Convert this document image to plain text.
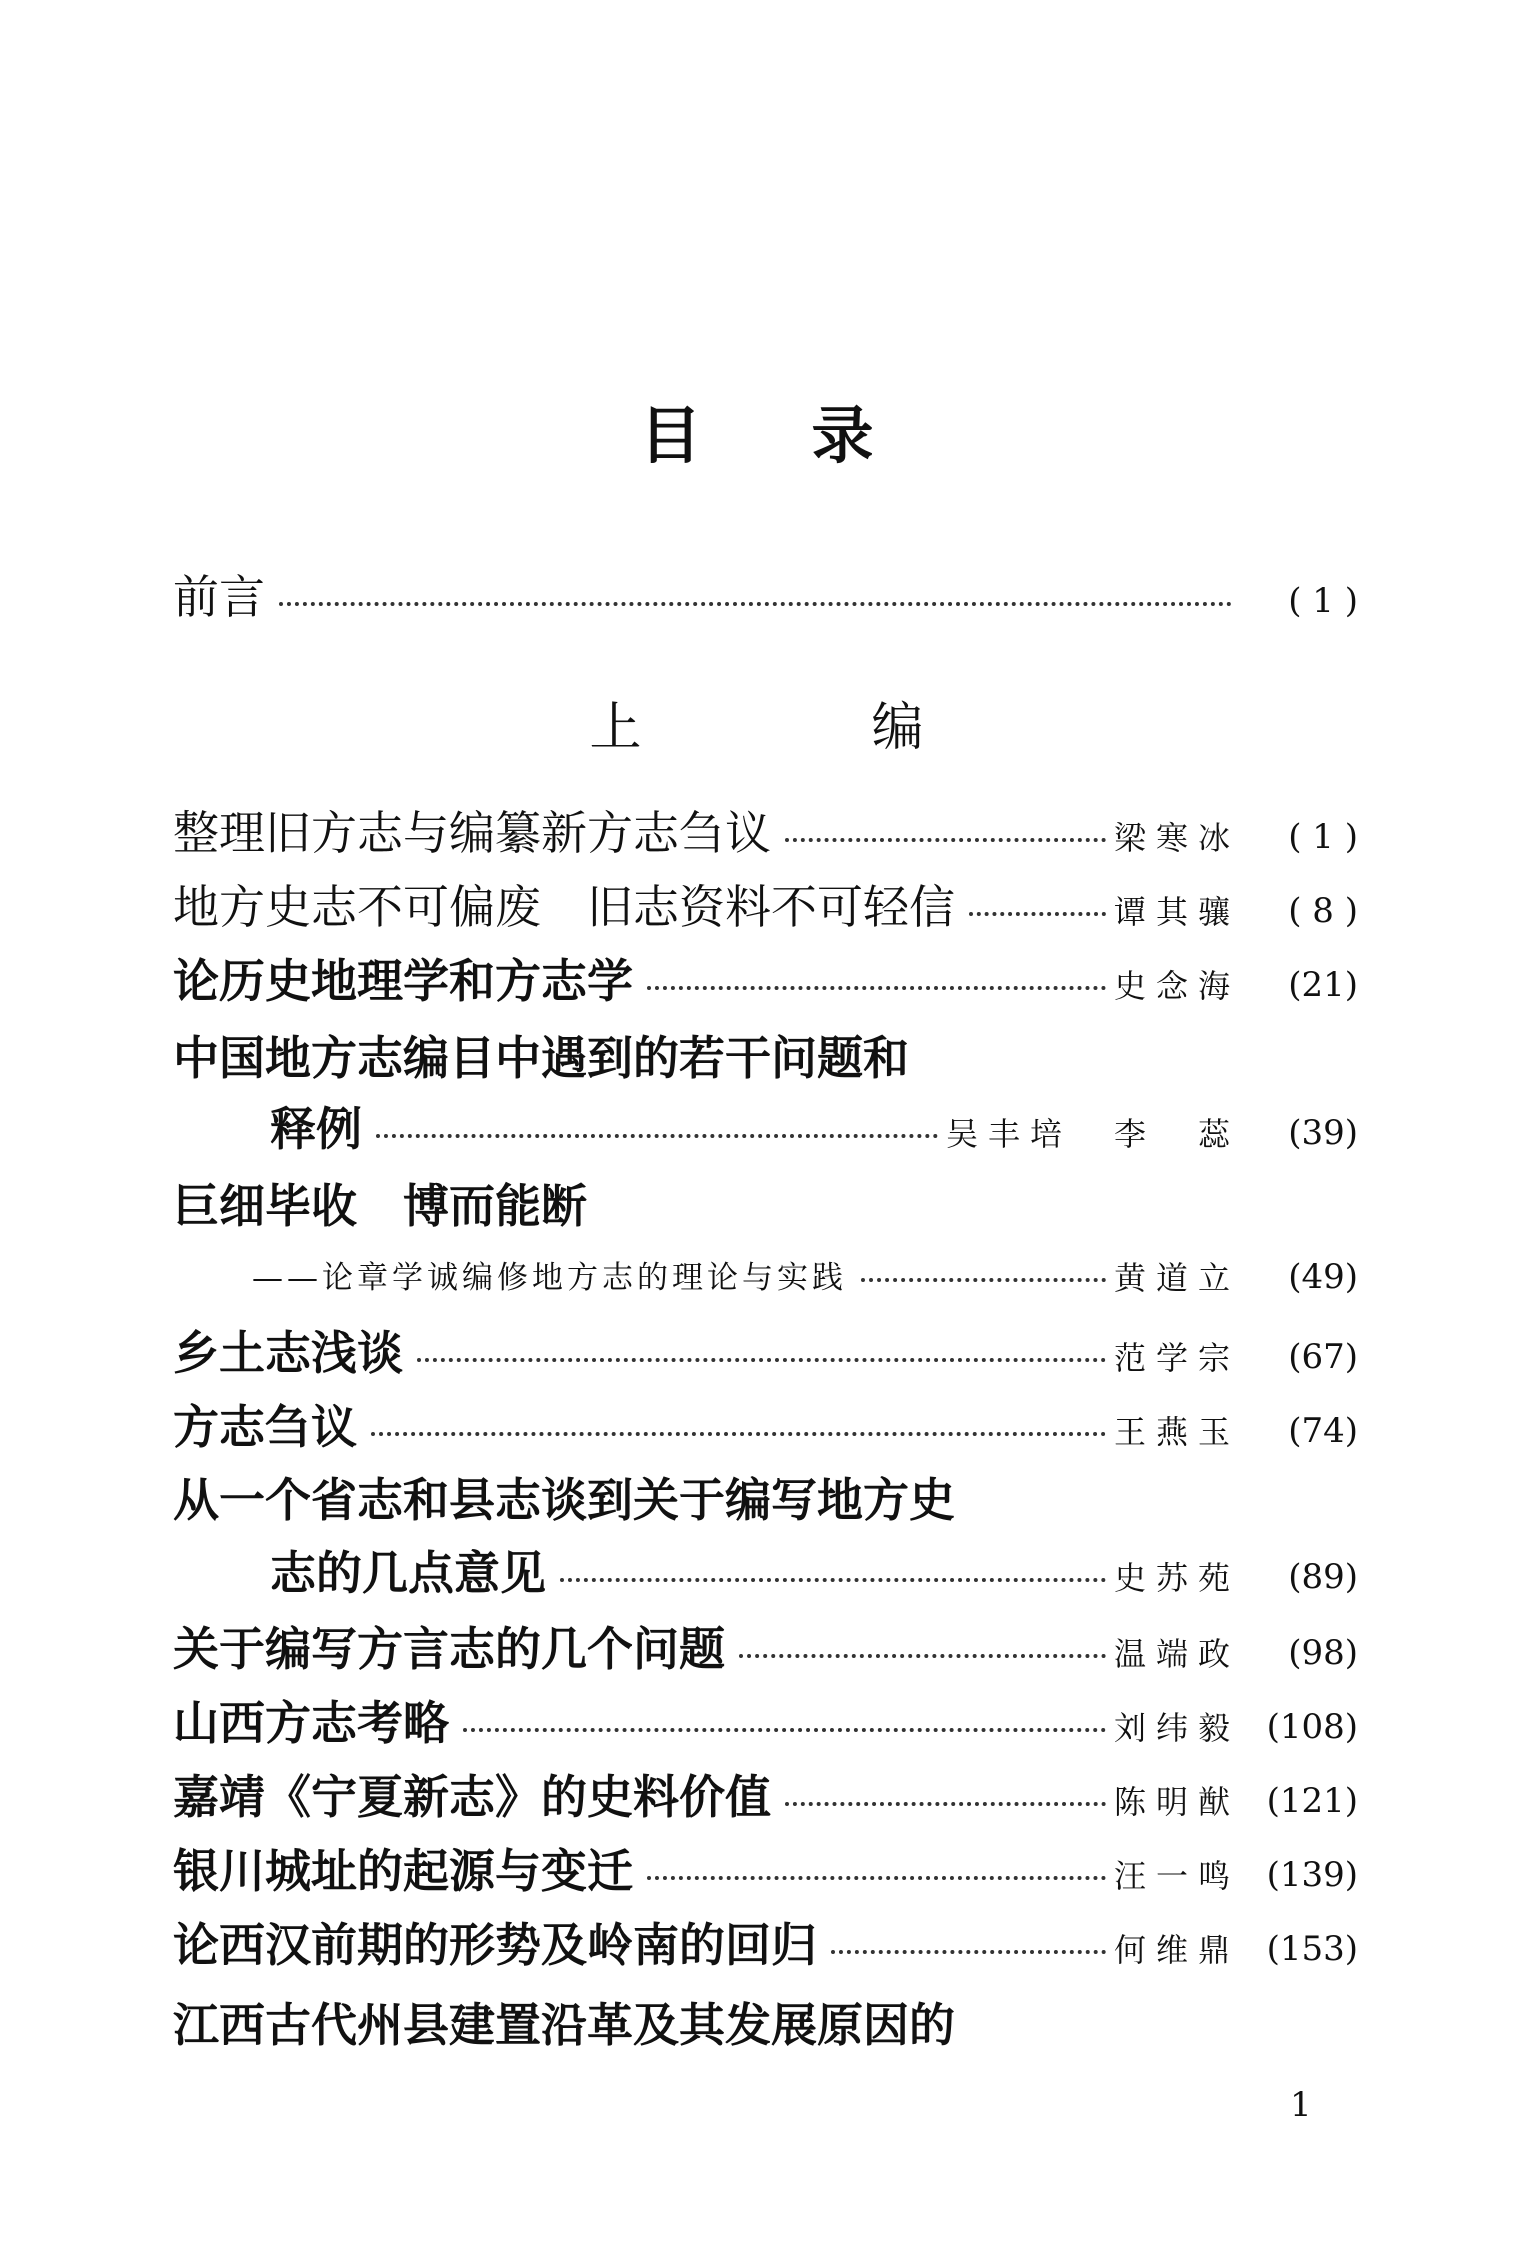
目录
前言	( 1 )
上编
整理旧方志与编纂新方志刍议	梁寒冰	( 1 )
地方史志不可偏废　旧志资料不可轻信	谭其骧	( 8 )
论历史地理学和方志学	史念海	(21)
中国地方志编目中遇到的若干问题和
释例	吴丰培　李　蕊	(39)
巨细毕收　博而能断
——论章学诚编修地方志的理论与实践	黄道立	(49)
乡土志浅谈	范学宗	(67)
方志刍议	王燕玉	(74)
从一个省志和县志谈到关于编写地方史
志的几点意见	史苏苑	(89)
关于编写方言志的几个问题	温端政	(98)
山西方志考略	刘纬毅 (108)
嘉靖《宁夏新志》的史料价值	陈明猷 (121)
银川城址的起源与变迁	汪一鸣 (139)
论西汉前期的形势及岭南的回归	何维鼎 (153)
江西古代州县建置沿革及其发展原因的
1
